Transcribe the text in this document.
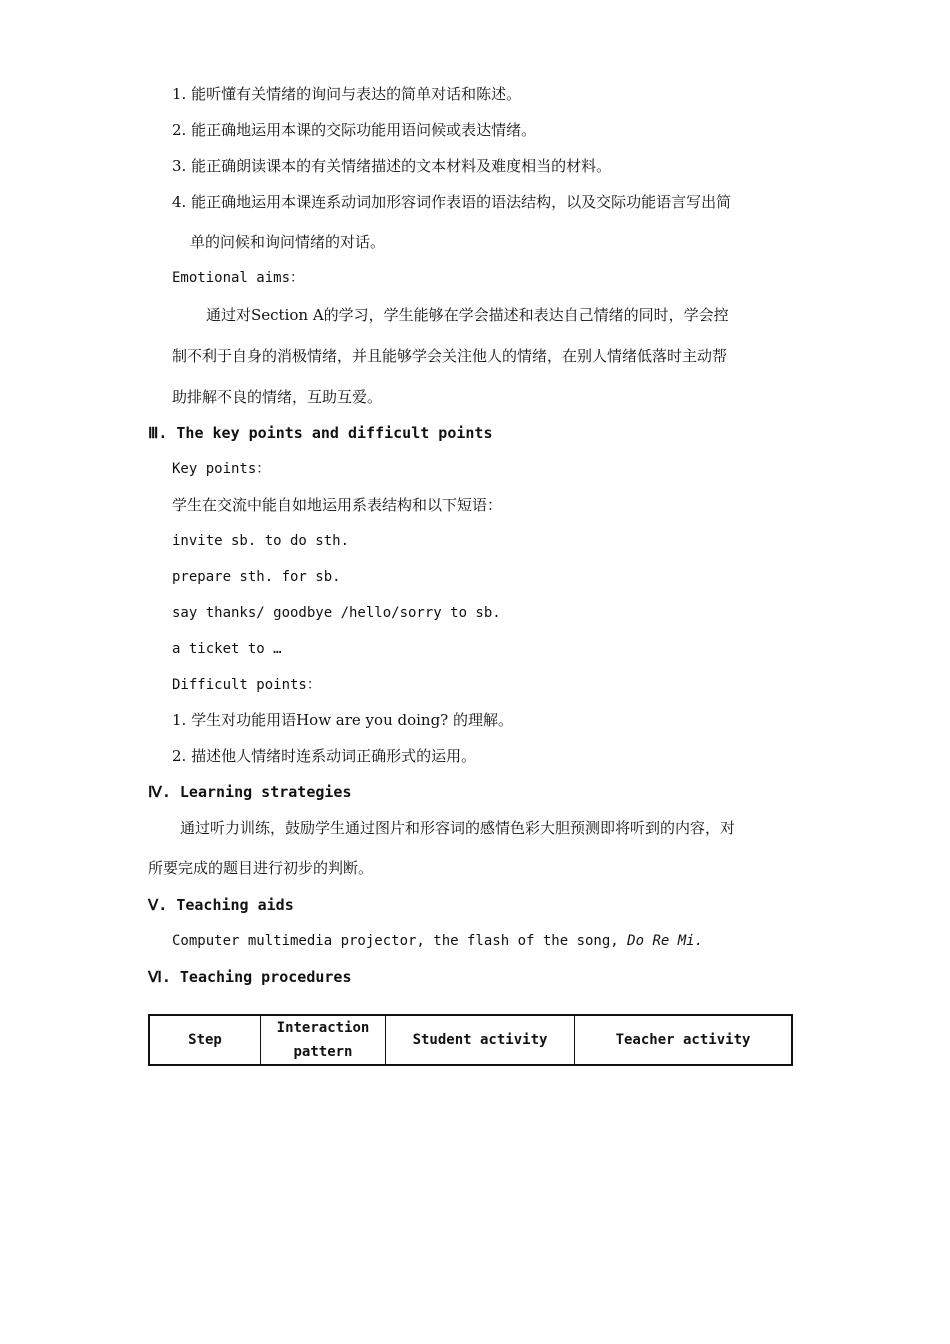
1. 能听懂有关情绪的询问与表达的简单对话和陈述。
2. 能正确地运用本课的交际功能用语问候或表达情绪。
3. 能正确朗读课本的有关情绪描述的文本材料及难度相当的材料。
4. 能正确地运用本课连系动词加形容词作表语的语法结构，以及交际功能语言写出简
单的问候和询问情绪的对话。
Emotional aims：
通过对Section A的学习，学生能够在学会描述和表达自己情绪的同时，学会控
制不利于自身的消极情绪，并且能够学会关注他人的情绪，在别人情绪低落时主动帮
助排解不良的情绪，互助互爱。
Ⅲ. The key points and difficult points
Key points：
学生在交流中能自如地运用系表结构和以下短语：
invite sb. to do sth.
prepare sth. for sb.
say thanks/ goodbye /hello/sorry to sb.
a ticket to …
Difficult points：
1. 学生对功能用语How are you doing? 的理解。
2. 描述他人情绪时连系动词正确形式的运用。
Ⅳ. Learning strategies
通过听力训练，鼓励学生通过图片和形容词的感情色彩大胆预测即将听到的内容，对
所要完成的题目进行初步的判断。
Ⅴ. Teaching aids
Computer multimedia projector, the flash of the song, Do Re Mi.
Ⅵ. Teaching procedures
Step	Interaction pattern	Student activity	Teacher activity
